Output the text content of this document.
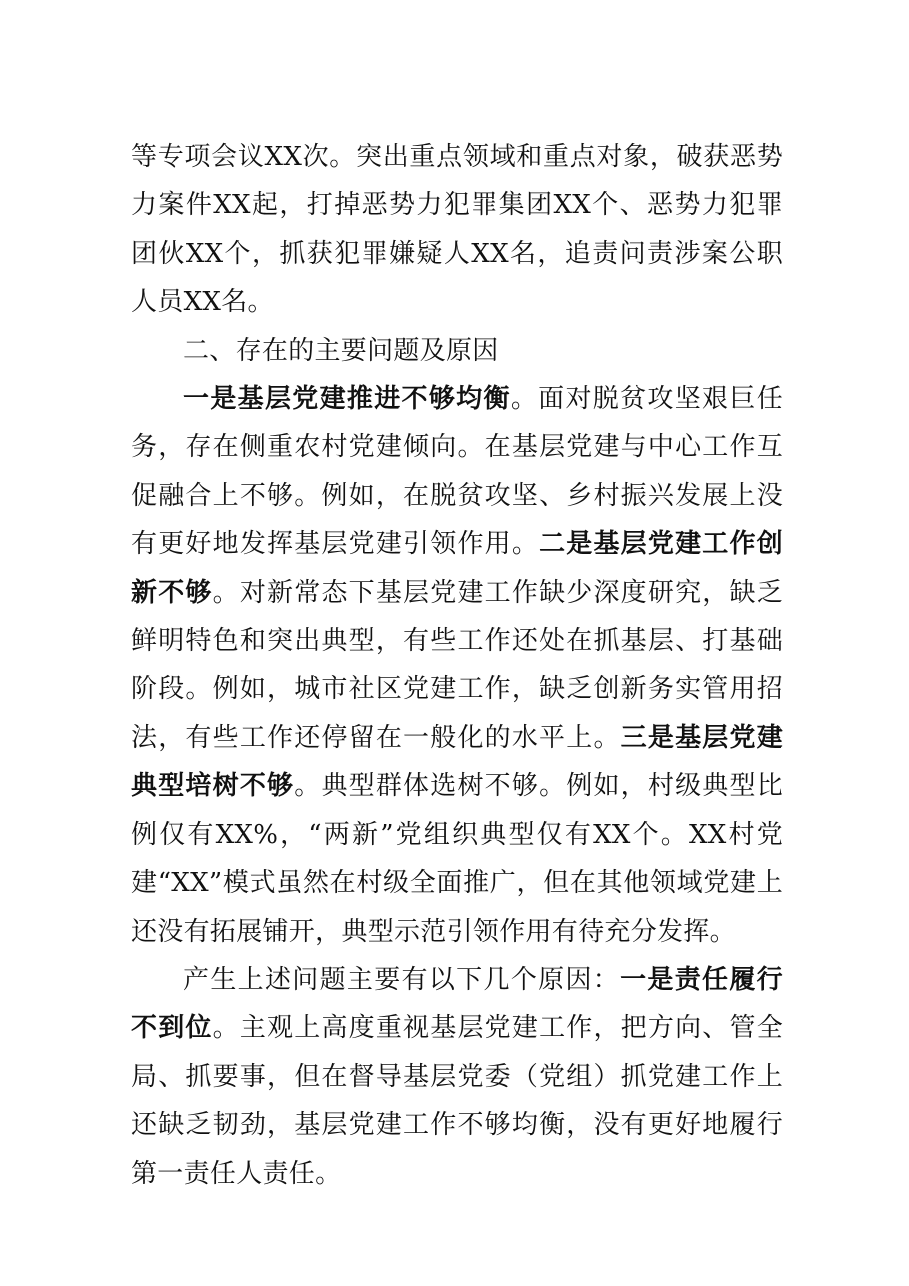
等专项会议XX次。突出重点领域和重点对象，破获恶势力案件XX起，打掉恶势力犯罪集团XX个、恶势力犯罪团伙XX个，抓获犯罪嫌疑人XX名，追责问责涉案公职人员XX名。

二、存在的主要问题及原因

一是基层党建推进不够均衡。面对脱贫攻坚艰巨任务，存在侧重农村党建倾向。在基层党建与中心工作互促融合上不够。例如，在脱贫攻坚、乡村振兴发展上没有更好地发挥基层党建引领作用。二是基层党建工作创新不够。对新常态下基层党建工作缺少深度研究，缺乏鲜明特色和突出典型，有些工作还处在抓基层、打基础阶段。例如，城市社区党建工作，缺乏创新务实管用招法，有些工作还停留在一般化的水平上。三是基层党建典型培树不够。典型群体选树不够。例如，村级典型比例仅有XX%，“两新”党组织典型仅有XX个。XX村党建“XX”模式虽然在村级全面推广，但在其他领域党建上还没有拓展铺开，典型示范引领作用有待充分发挥。

产生上述问题主要有以下几个原因：一是责任履行不到位。主观上高度重视基层党建工作，把方向、管全局、抓要事，但在督导基层党委（党组）抓党建工作上还缺乏韧劲，基层党建工作不够均衡，没有更好地履行第一责任人责任。
